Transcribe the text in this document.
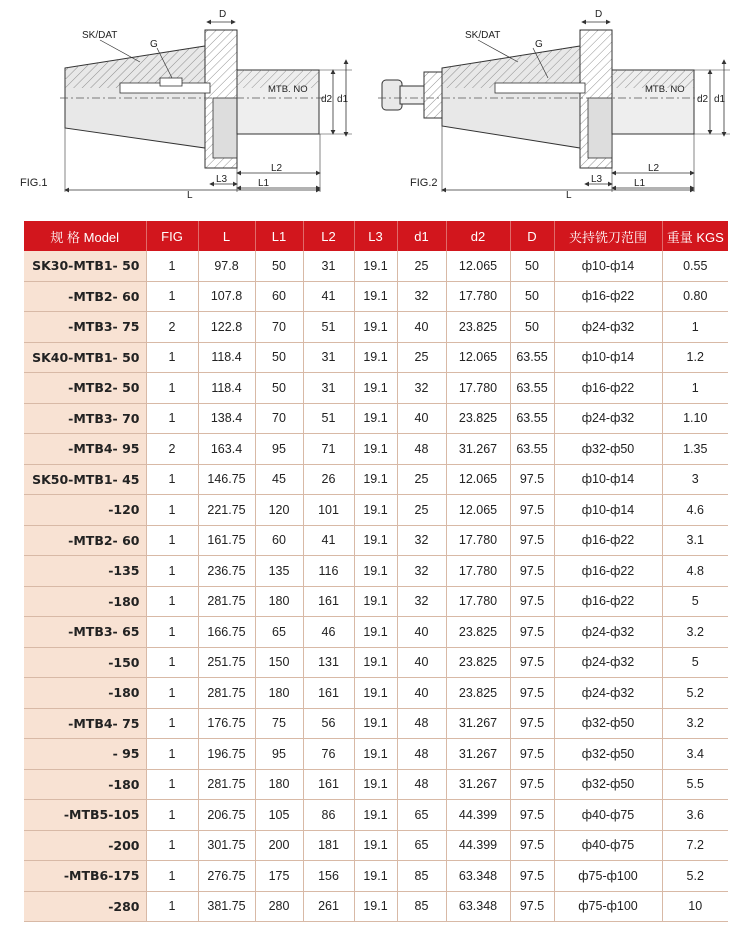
SK/DAT
G
D
MTB. NO
d2 d1
L
L1
L2
L3
FIG.1
SK/DAT
G
D
MTB. NO
d2 d1
L
L1
L2
L3
FIG.2
规 格 Model	FIG	L	L1	L2	L3	d1	d2	D	夹持铣刀范围	重量 KGS
SK30-MTB1- 50	1	97.8	50	31	19.1	25	12.065	50	ф10-ф14	0.55
-MTB2- 60	1	107.8	60	41	19.1	32	17.780	50	ф16-ф22	0.80
-MTB3- 75	2	122.8	70	51	19.1	40	23.825	50	ф24-ф32	1
SK40-MTB1- 50	1	118.4	50	31	19.1	25	12.065	63.55	ф10-ф14	1.2
-MTB2- 50	1	118.4	50	31	19.1	32	17.780	63.55	ф16-ф22	1
-MTB3- 70	1	138.4	70	51	19.1	40	23.825	63.55	ф24-ф32	1.10
-MTB4- 95	2	163.4	95	71	19.1	48	31.267	63.55	ф32-ф50	1.35
SK50-MTB1- 45	1	146.75	45	26	19.1	25	12.065	97.5	ф10-ф14	3
-120	1	221.75	120	101	19.1	25	12.065	97.5	ф10-ф14	4.6
-MTB2- 60	1	161.75	60	41	19.1	32	17.780	97.5	ф16-ф22	3.1
-135	1	236.75	135	116	19.1	32	17.780	97.5	ф16-ф22	4.8
-180	1	281.75	180	161	19.1	32	17.780	97.5	ф16-ф22	5
-MTB3- 65	1	166.75	65	46	19.1	40	23.825	97.5	ф24-ф32	3.2
-150	1	251.75	150	131	19.1	40	23.825	97.5	ф24-ф32	5
-180	1	281.75	180	161	19.1	40	23.825	97.5	ф24-ф32	5.2
-MTB4- 75	1	176.75	75	56	19.1	48	31.267	97.5	ф32-ф50	3.2
- 95	1	196.75	95	76	19.1	48	31.267	97.5	ф32-ф50	3.4
-180	1	281.75	180	161	19.1	48	31.267	97.5	ф32-ф50	5.5
-MTB5-105	1	206.75	105	86	19.1	65	44.399	97.5	ф40-ф75	3.6
-200	1	301.75	200	181	19.1	65	44.399	97.5	ф40-ф75	7.2
-MTB6-175	1	276.75	175	156	19.1	85	63.348	97.5	ф75-ф100	5.2
-280	1	381.75	280	261	19.1	85	63.348	97.5	ф75-ф100	10
